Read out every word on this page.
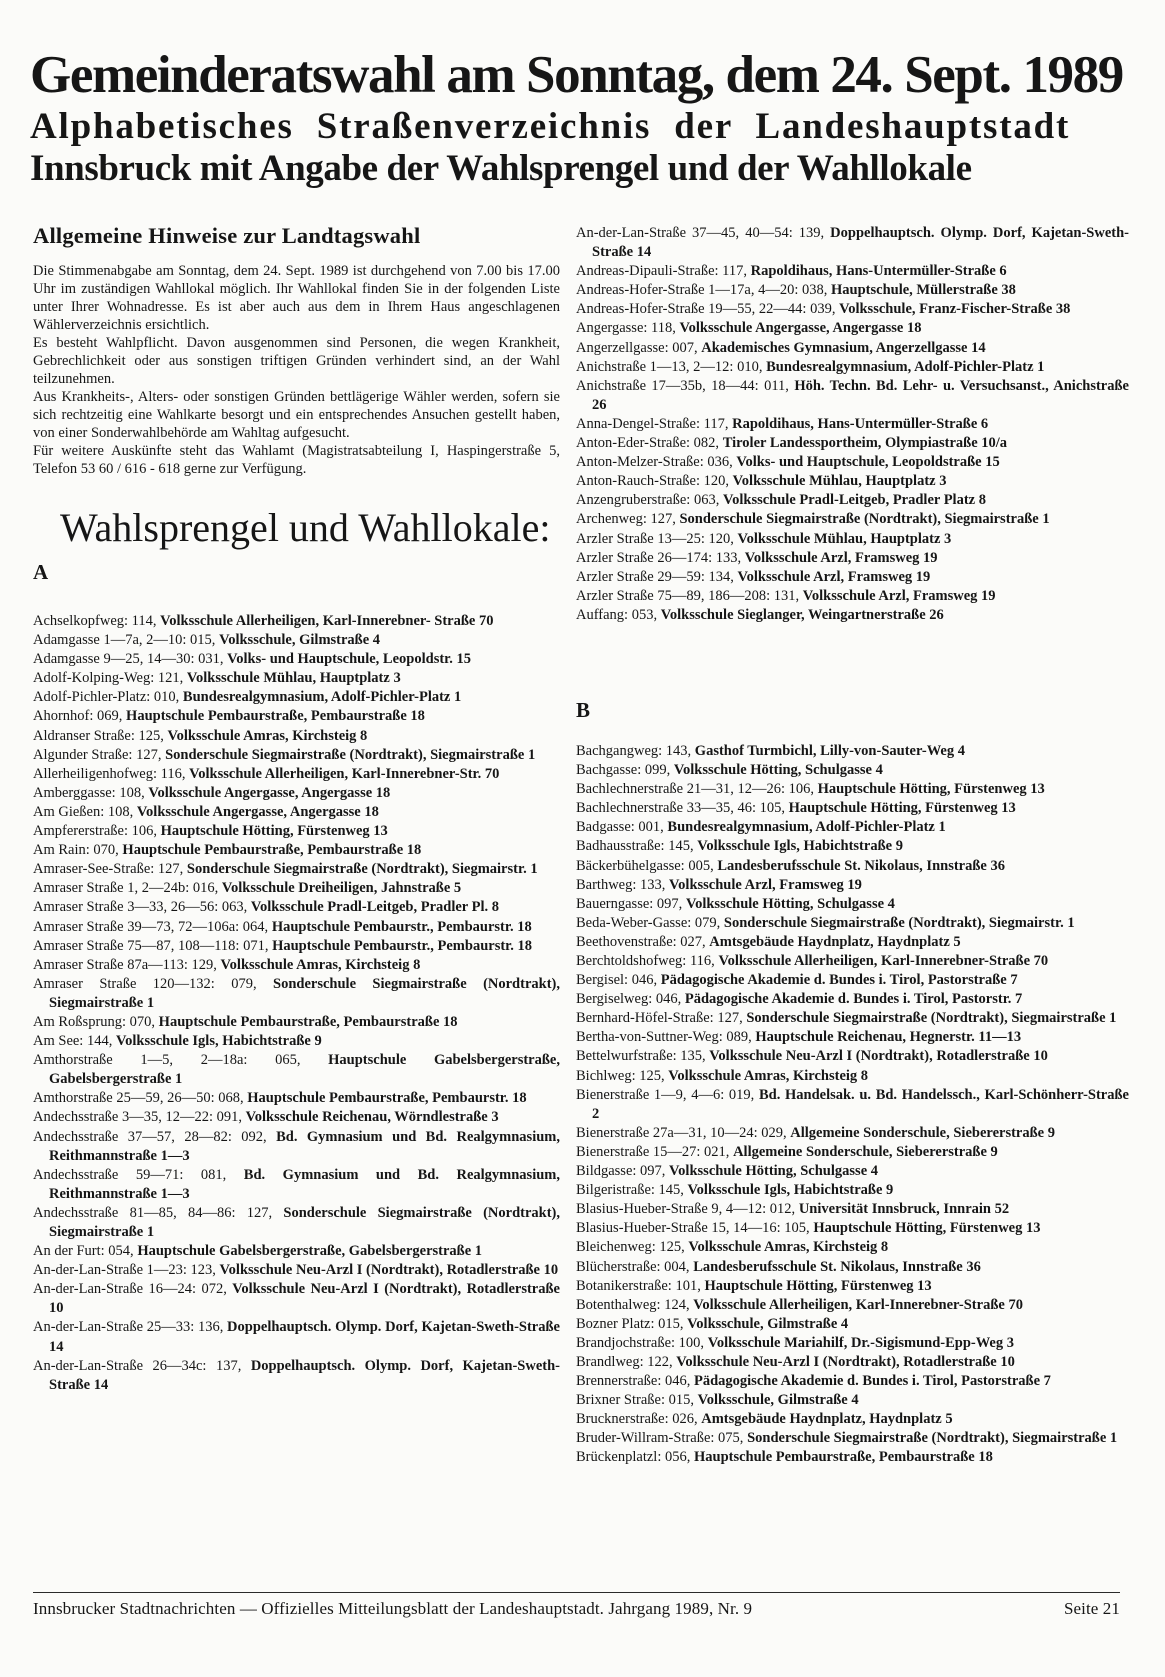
Gemeinderatswahl am Sonntag, dem 24. Sept. 1989
Alphabetisches Straßenverzeichnis der Landeshauptstadt
Innsbruck mit Angabe der Wahlsprengel und der Wahllokale
Allgemeine Hinweise zur Landtagswahl

Die Stimmenabgabe am Sonntag, dem 24. Sept. 1989 ist durchgehend von 7.00 bis 17.00 Uhr im zuständigen Wahllokal möglich. Ihr Wahllokal finden Sie in der folgenden Liste unter Ihrer Wohnadresse. Es ist aber auch aus dem in Ihrem Haus angeschlagenen Wählerverzeichnis ersichtlich.

Es besteht Wahlpflicht. Davon ausgenommen sind Personen, die wegen Krankheit, Gebrechlichkeit oder aus sonstigen triftigen Gründen verhindert sind, an der Wahl teilzunehmen.

Aus Krankheits-, Alters- oder sonstigen Gründen bettlägerige Wähler werden, sofern sie sich rechtzeitig eine Wahlkarte besorgt und ein entsprechendes Ansuchen gestellt haben, von einer Sonderwahlbehörde am Wahltag aufgesucht.

Für weitere Auskünfte steht das Wahlamt (Magistratsabteilung I, Haspingerstraße 5, Telefon 53 60 / 616 - 618 gerne zur Verfügung.

Wahlsprengel und Wahllokale:
A
Achselkopfweg: 114, Volksschule Allerheiligen, Karl-Innerebner- Straße 70
Adamgasse 1—7a, 2—10: 015, Volksschule, Gilmstraße 4
Adamgasse 9—25, 14—30: 031, Volks- und Hauptschule, Leopoldstr. 15
Adolf-Kolping-Weg: 121, Volksschule Mühlau, Hauptplatz 3
Adolf-Pichler-Platz: 010, Bundesrealgymnasium, Adolf-Pichler-Platz 1
Ahornhof: 069, Hauptschule Pembaurstraße, Pembaurstraße 18
Aldranser Straße: 125, Volksschule Amras, Kirchsteig 8
Algunder Straße: 127, Sonderschule Siegmairstraße (Nordtrakt), Siegmairstraße 1
Allerheiligenhofweg: 116, Volksschule Allerheiligen, Karl-Innerebner-Str. 70
Amberggasse: 108, Volksschule Angergasse, Angergasse 18
Am Gießen: 108, Volksschule Angergasse, Angergasse 18
Ampfererstraße: 106, Hauptschule Hötting, Fürstenweg 13
Am Rain: 070, Hauptschule Pembaurstraße, Pembaurstraße 18
Amraser-See-Straße: 127, Sonderschule Siegmairstraße (Nordtrakt), Siegmairstr. 1
Amraser Straße 1, 2—24b: 016, Volksschule Dreiheiligen, Jahnstraße 5
Amraser Straße 3—33, 26—56: 063, Volksschule Pradl-Leitgeb, Pradler Pl. 8
Amraser Straße 39—73, 72—106a: 064, Hauptschule Pembaurstr., Pembaurstr. 18
Amraser Straße 75—87, 108—118: 071, Hauptschule Pembaurstr., Pembaurstr. 18
Amraser Straße 87a—113: 129, Volksschule Amras, Kirchsteig 8
Amraser Straße 120—132: 079, Sonderschule Siegmairstraße (Nordtrakt), Siegmairstraße 1
Am Roßsprung: 070, Hauptschule Pembaurstraße, Pembaurstraße 18
Am See: 144, Volksschule Igls, Habichtstraße 9
Amthorstraße 1—5, 2—18a: 065, Hauptschule Gabelsbergerstraße, Gabelsbergerstraße 1
Amthorstraße 25—59, 26—50: 068, Hauptschule Pembaurstraße, Pembaurstr. 18
Andechsstraße 3—35, 12—22: 091, Volksschule Reichenau, Wörndlestraße 3
Andechsstraße 37—57, 28—82: 092, Bd. Gymnasium und Bd. Realgymnasium, Reithmannstraße 1—3
Andechsstraße 59—71: 081, Bd. Gymnasium und Bd. Realgymnasium, Reithmannstraße 1—3
Andechsstraße 81—85, 84—86: 127, Sonderschule Siegmairstraße (Nordtrakt), Siegmairstraße 1
An der Furt: 054, Hauptschule Gabelsbergerstraße, Gabelsbergerstraße 1
An-der-Lan-Straße 1—23: 123, Volksschule Neu-Arzl I (Nordtrakt), Rotadlerstraße 10
An-der-Lan-Straße 16—24: 072, Volksschule Neu-Arzl I (Nordtrakt), Rotadlerstraße 10
An-der-Lan-Straße 25—33: 136, Doppelhauptsch. Olymp. Dorf, Kajetan-Sweth-Straße 14
An-der-Lan-Straße 26—34c: 137, Doppelhauptsch. Olymp. Dorf, Kajetan-Sweth-Straße 14
An-der-Lan-Straße 37—45, 40—54: 139, Doppelhauptsch. Olymp. Dorf, Kajetan-Sweth-Straße 14
Andreas-Dipauli-Straße: 117, Rapoldihaus, Hans-Untermüller-Straße 6
Andreas-Hofer-Straße 1—17a, 4—20: 038, Hauptschule, Müllerstraße 38
Andreas-Hofer-Straße 19—55, 22—44: 039, Volksschule, Franz-Fischer-Straße 38
Angergasse: 118, Volksschule Angergasse, Angergasse 18
Angerzellgasse: 007, Akademisches Gymnasium, Angerzellgasse 14
Anichstraße 1—13, 2—12: 010, Bundesrealgymnasium, Adolf-Pichler-Platz 1
Anichstraße 17—35b, 18—44: 011, Höh. Techn. Bd. Lehr- u. Versuchsanst., Anichstraße 26
Anna-Dengel-Straße: 117, Rapoldihaus, Hans-Untermüller-Straße 6
Anton-Eder-Straße: 082, Tiroler Landessportheim, Olympiastraße 10/a
Anton-Melzer-Straße: 036, Volks- und Hauptschule, Leopoldstraße 15
Anton-Rauch-Straße: 120, Volksschule Mühlau, Hauptplatz 3
Anzengruberstraße: 063, Volksschule Pradl-Leitgeb, Pradler Platz 8
Archenweg: 127, Sonderschule Siegmairstraße (Nordtrakt), Siegmairstraße 1
Arzler Straße 13—25: 120, Volksschule Mühlau, Hauptplatz 3
Arzler Straße 26—174: 133, Volksschule Arzl, Framsweg 19
Arzler Straße 29—59: 134, Volksschule Arzl, Framsweg 19
Arzler Straße 75—89, 186—208: 131, Volksschule Arzl, Framsweg 19
Auffang: 053, Volksschule Sieglanger, Weingartnerstraße 26
B
Bachgangweg: 143, Gasthof Turmbichl, Lilly-von-Sauter-Weg 4
Bachgasse: 099, Volksschule Hötting, Schulgasse 4
Bachlechnerstraße 21—31, 12—26: 106, Hauptschule Hötting, Fürstenweg 13
Bachlechnerstraße 33—35, 46: 105, Hauptschule Hötting, Fürstenweg 13
Badgasse: 001, Bundesrealgymnasium, Adolf-Pichler-Platz 1
Badhausstraße: 145, Volksschule Igls, Habichtstraße 9
Bäckerbühelgasse: 005, Landesberufsschule St. Nikolaus, Innstraße 36
Barthweg: 133, Volksschule Arzl, Framsweg 19
Bauerngasse: 097, Volksschule Hötting, Schulgasse 4
Beda-Weber-Gasse: 079, Sonderschule Siegmairstraße (Nordtrakt), Siegmairstr. 1
Beethovenstraße: 027, Amtsgebäude Haydnplatz, Haydnplatz 5
Berchtoldshofweg: 116, Volksschule Allerheiligen, Karl-Innerebner-Straße 70
Bergisel: 046, Pädagogische Akademie d. Bundes i. Tirol, Pastorstraße 7
Bergiselweg: 046, Pädagogische Akademie d. Bundes i. Tirol, Pastorstr. 7
Bernhard-Höfel-Straße: 127, Sonderschule Siegmairstraße (Nordtrakt), Siegmairstraße 1
Bertha-von-Suttner-Weg: 089, Hauptschule Reichenau, Hegnerstr. 11—13
Bettelwurfstraße: 135, Volksschule Neu-Arzl I (Nordtrakt), Rotadlerstraße 10
Bichlweg: 125, Volksschule Amras, Kirchsteig 8
Bienerstraße 1—9, 4—6: 019, Bd. Handelsak. u. Bd. Handelssch., Karl-Schönherr-Straße 2
Bienerstraße 27a—31, 10—24: 029, Allgemeine Sonderschule, Siebererstraße 9
Bienerstraße 15—27: 021, Allgemeine Sonderschule, Siebererstraße 9
Bildgasse: 097, Volksschule Hötting, Schulgasse 4
Bilgeristraße: 145, Volksschule Igls, Habichtstraße 9
Blasius-Hueber-Straße 9, 4—12: 012, Universität Innsbruck, Innrain 52
Blasius-Hueber-Straße 15, 14—16: 105, Hauptschule Hötting, Fürstenweg 13
Bleichenweg: 125, Volksschule Amras, Kirchsteig 8
Blücherstraße: 004, Landesberufsschule St. Nikolaus, Innstraße 36
Botanikerstraße: 101, Hauptschule Hötting, Fürstenweg 13
Botenthalweg: 124, Volksschule Allerheiligen, Karl-Innerebner-Straße 70
Bozner Platz: 015, Volksschule, Gilmstraße 4
Brandjochstraße: 100, Volksschule Mariahilf, Dr.-Sigismund-Epp-Weg 3
Brandlweg: 122, Volksschule Neu-Arzl I (Nordtrakt), Rotadlerstraße 10
Brennerstraße: 046, Pädagogische Akademie d. Bundes i. Tirol, Pastorstraße 7
Brixner Straße: 015, Volksschule, Gilmstraße 4
Brucknerstraße: 026, Amtsgebäude Haydnplatz, Haydnplatz 5
Bruder-Willram-Straße: 075, Sonderschule Siegmairstraße (Nordtrakt), Siegmairstraße 1
Brückenplatzl: 056, Hauptschule Pembaurstraße, Pembaurstraße 18
Innsbrucker Stadtnachrichten — Offizielles Mitteilungsblatt der Landeshauptstadt. Jahrgang 1989, Nr. 9	Seite 21
